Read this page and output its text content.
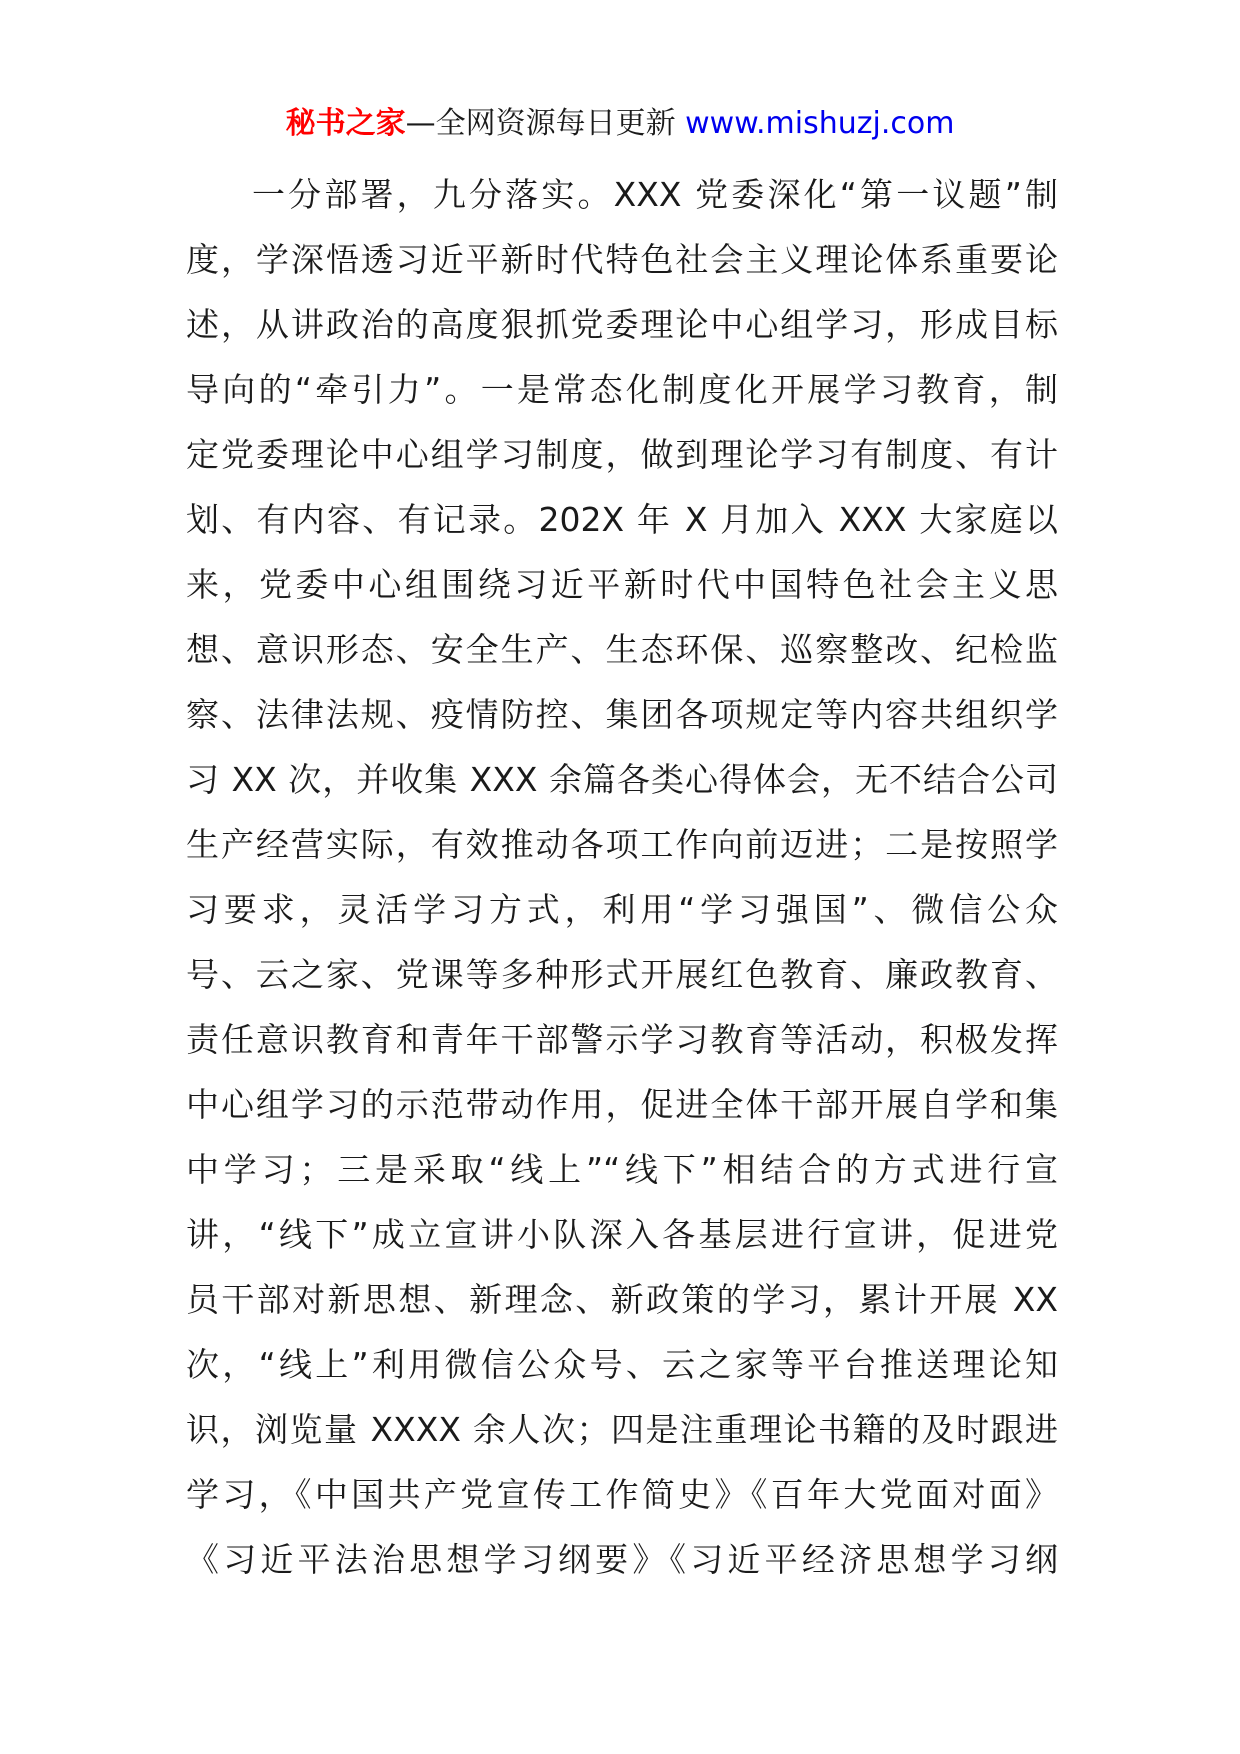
秘书之家—全网资源每日更新 www.mishuzj.com
一分部署，九分落实。XXX 党委深化“第一议题”制
度，学深悟透习近平新时代特色社会主义理论体系重要论
述，从讲政治的高度狠抓党委理论中心组学习，形成目标
导向的“牵引力”。一是常态化制度化开展学习教育，制
定党委理论中心组学习制度，做到理论学习有制度、有计
划、有内容、有记录。202X 年 X 月加入 XXX 大家庭以
来，党委中心组围绕习近平新时代中国特色社会主义思
想、意识形态、安全生产、生态环保、巡察整改、纪检监
察、法律法规、疫情防控、集团各项规定等内容共组织学
习 XX 次，并收集 XXX 余篇各类心得体会，无不结合公司
生产经营实际，有效推动各项工作向前迈进；二是按照学
习要求，灵活学习方式，利用“学习强国”、微信公众
号、云之家、党课等多种形式开展红色教育、廉政教育、
责任意识教育和青年干部警示学习教育等活动，积极发挥
中心组学习的示范带动作用，促进全体干部开展自学和集
中学习；三是采取“线上”“线下”相结合的方式进行宣
讲，“线下”成立宣讲小队深入各基层进行宣讲，促进党
员干部对新思想、新理念、新政策的学习，累计开展 XX
次，“线上”利用微信公众号、云之家等平台推送理论知
识，浏览量 XXXX 余人次；四是注重理论书籍的及时跟进
学习，《中国共产党宣传工作简史》《百年大党面对面》
《习近平法治思想学习纲要》《习近平经济思想学习纲
